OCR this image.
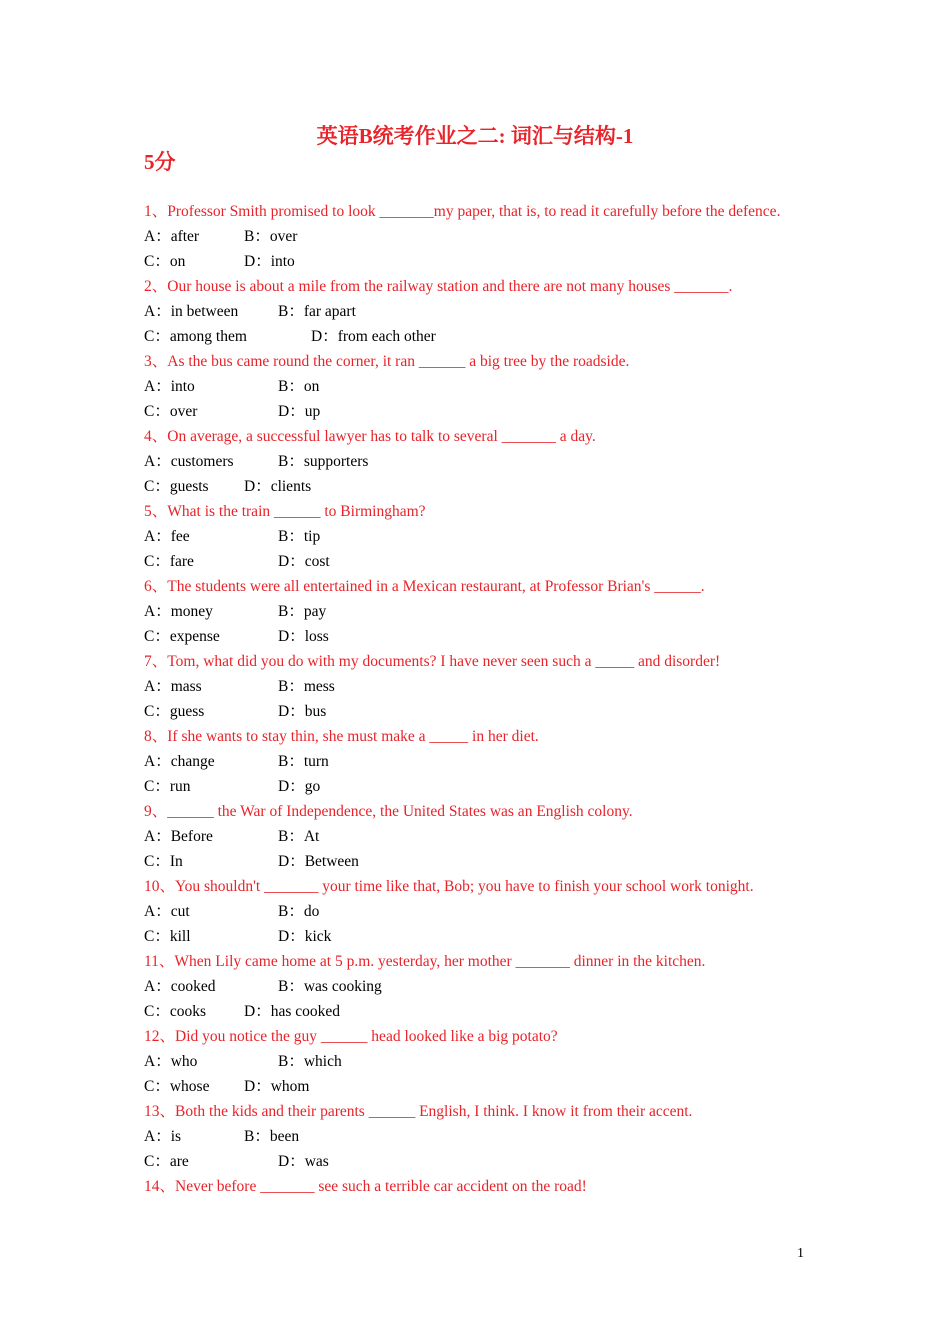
英语B统考作业之二: 词汇与结构-1
5分
1、Professor Smith promised to look _______my paper, that is, to read it carefully before the defence.
A：after	B：over
C：on	D：into
2、Our house is about a mile from the railway station and there are not many houses _______.
A：in between	B：far apart
C：among them	D：from each other
3、As the bus came round the corner, it ran ______ a big tree by the roadside.
A：into	B：on
C：over	D：up
4、On average, a successful lawyer has to talk to several _______ a day.
A：customers	B：supporters
C：guests D：clients
5、What is the train ______ to Birmingham?
A：fee	B：tip
C：fare	D：cost
6、The students were all entertained in a Mexican restaurant, at Professor Brian's ______.
A：money	B：pay
C：expense	D：loss
7、Tom, what did you do with my documents? I have never seen such a _____ and disorder!
A：mass	B：mess
C：guess	D：bus
8、If she wants to stay thin, she must make a _____ in her diet.
A：change	B：turn
C：run	D：go
9、______ the War of Independence, the United States was an English colony.
A：Before	B：At
C：In	D：Between
10、You shouldn't _______ your time like that, Bob; you have to finish your school work tonight.
A：cut	B：do
C：kill	D：kick
11、When Lily came home at 5 p.m. yesterday, her mother _______ dinner in the kitchen.
A：cooked	B：was cooking
C：cooks D：has cooked
12、Did you notice the guy ______ head looked like a big potato?
A：who	B：which
C：whose D：whom
13、Both the kids and their parents ______ English, I think. I know it from their accent.
A：is	B：been
C：are	D：was
14、Never before _______ see such a terrible car accident on the road!
1
